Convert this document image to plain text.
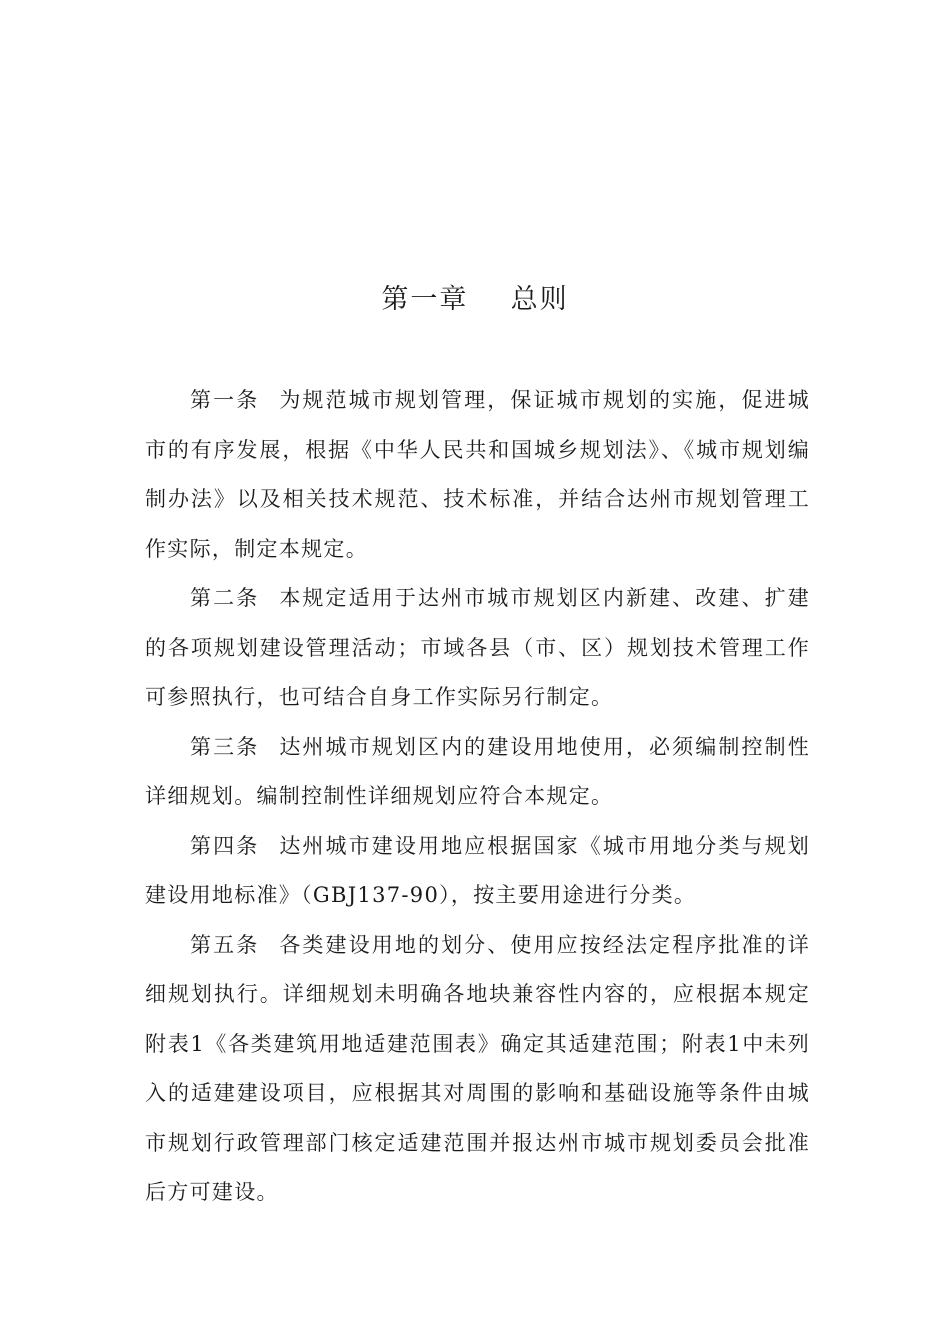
第一章    总则

第一条 为规范城市规划管理，保证城市规划的实施，促进城市的有序发展，根据《中华人民共和国城乡规划法》、《城市规划编制办法》以及相关技术规范、技术标准，并结合达州市规划管理工作实际，制定本规定。

第二条 本规定适用于达州市城市规划区内新建、改建、扩建的各项规划建设管理活动；市域各县（市、区）规划技术管理工作可参照执行，也可结合自身工作实际另行制定。

第三条 达州城市规划区内的建设用地使用，必须编制控制性详细规划。编制控制性详细规划应符合本规定。

第四条 达州城市建设用地应根据国家《城市用地分类与规划建设用地标准》（GBJ137-90），按主要用途进行分类。

第五条 各类建设用地的划分、使用应按经法定程序批准的详细规划执行。详细规划未明确各地块兼容性内容的，应根据本规定附表1《各类建筑用地适建范围表》确定其适建范围；附表1中未列入的适建建设项目，应根据其对周围的影响和基础设施等条件由城市规划行政管理部门核定适建范围并报达州市城市规划委员会批准后方可建设。
